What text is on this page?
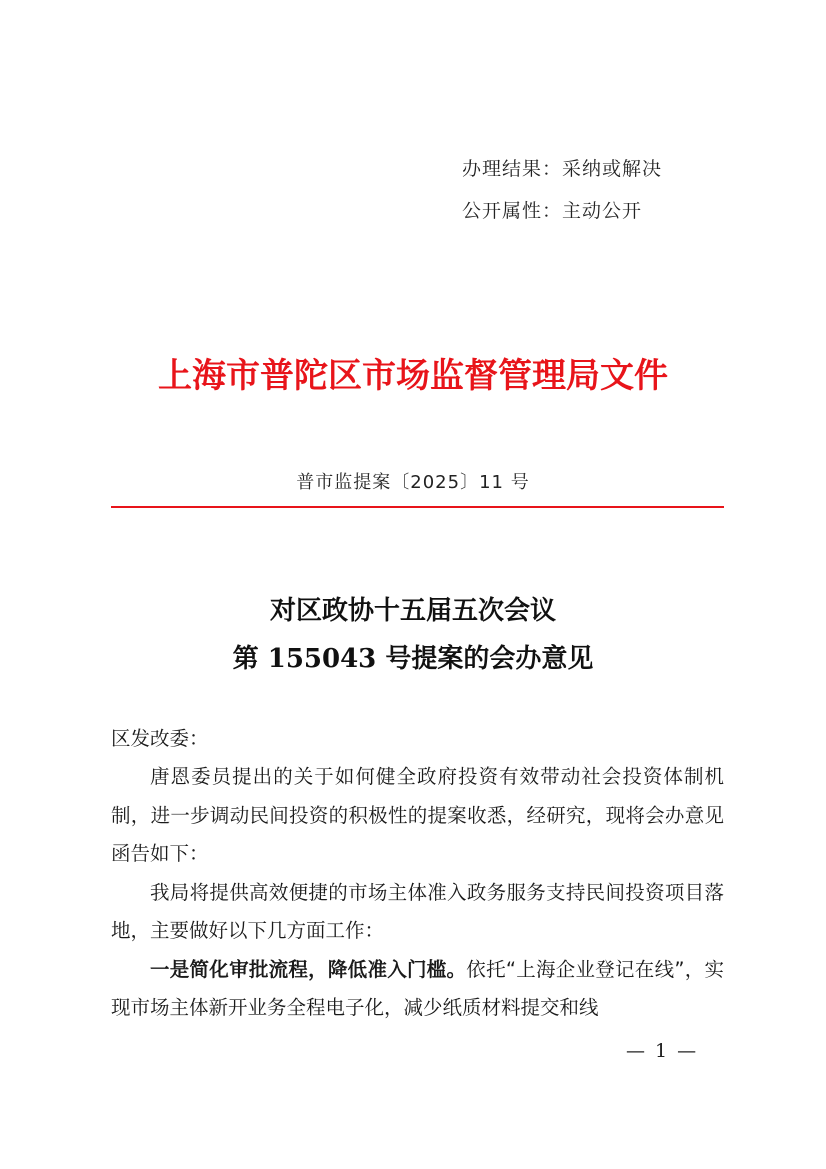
办理结果：采纳或解决
公开属性：主动公开
上海市普陀区市场监督管理局文件
普市监提案〔2025〕11 号
对区政协十五届五次会议
第 155043 号提案的会办意见
区发改委：

唐恩委员提出的关于如何健全政府投资有效带动社会投资体制机制，进一步调动民间投资的积极性的提案收悉，经研究，现将会办意见函告如下：

我局将提供高效便捷的市场主体准入政务服务支持民间投资项目落地，主要做好以下几方面工作：

一是简化审批流程，降低准入门槛。依托“上海企业登记在线”，实现市场主体新开业务全程电子化，减少纸质材料提交和线

— 1 —
